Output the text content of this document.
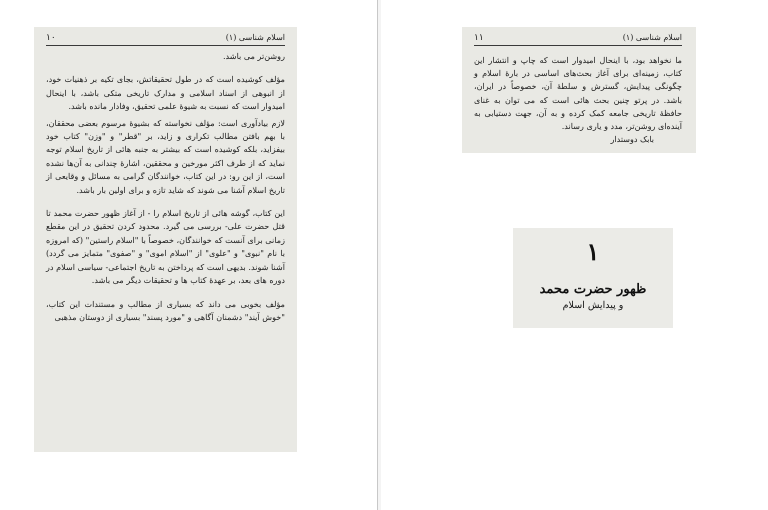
اسلام شناسی (۱)
۱۰

روشن‌تر می باشد.

مؤلف کوشیده است که در طول تحقیقاتش، بجای تکیه بر ذهنیات خود، از انبوهی از اسناد اسلامی و مدارک تاریخی متکی باشد، با اینحال امیدوار است که نسبت به شیوهٔ علمی تحقیق، وفادار مانده باشد.

لازم بیادآوری است: مؤلف نخواسته که بشیوهٔ مرسوم بعضی محققان، با بهم بافتن مطالب تکراری و زاید، بر "قطر" و "وزن" کتاب خود بیفزاید، بلکه کوشیده است که بیشتر به جنبه هائی از تاریخ اسلام توجه نماید که از طرف اکثر مورخین و محققین، اشارهٔ چندانی به آن‌ها نشده است، از این رو: در این کتاب، خوانندگان گرامی به مسائل و وقایعی از تاریخ اسلام آشنا می شوند که شاید تازه و برای اولین بار باشد.

این کتاب، گوشه هائی از تاریخ اسلام را - از آغاز ظهور حضرت محمد تا قتل حضرت علی- بررسی می گیرد. محدود کردن تحقیق در این مقطع زمانی برای آنست که خوانندگان، خصوصاً با "اسلام راستین" (که امروزه با نام "نبوی" و "علوی" از "اسلام اموی" و "صفوی" متمایز می گردد) آشنا شوند. بدیهی است که پرداختن به تاریخ اجتماعی- سیاسی اسلام در دوره های بعد، بر عهدهٔ کتاب ها و تحقیقات دیگر می باشد.

مؤلف بخوبی می داند که بسیاری از مطالب و مستندات این کتاب، "خوش آیند" دشمنان آگاهی و "مورد پسند" بسیاری از دوستان مذهبی

اسلام شناسی (۱)
۱۱

ما نخواهد بود، با اینحال امیدوار است که چاپ و انتشار این کتاب، زمینه‌ای برای آغاز بحث‌های اساسی در بارهٔ اسلام و چگونگی پیدایش، گسترش و سلطهٔ آن، خصوصاً در ایران، باشد. در پرتو چنین بحث هائی است که می توان به غنای حافظهٔ تاریخی جامعه کمک کرده و به آن، جهت دستیابی به آینده‌ای روشن‌تر، مدد و یاری رساند.

بابک دوستدار
۱
ظهور حضرت محمد
و پیدایش اسلام
